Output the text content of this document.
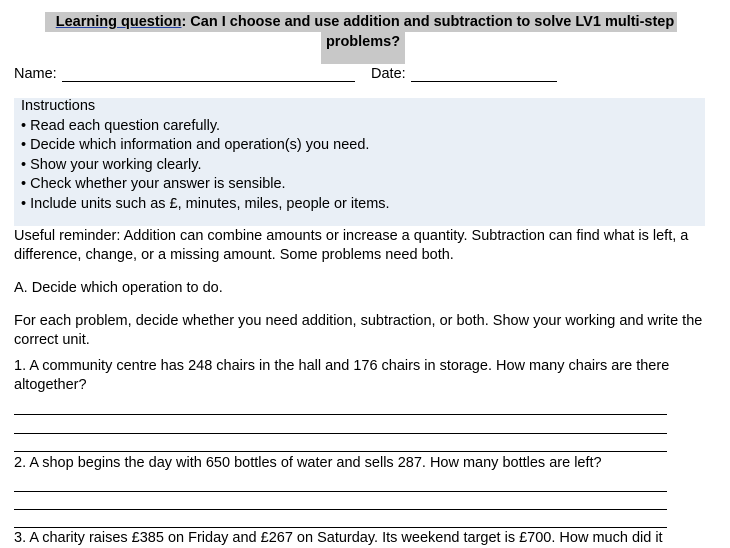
Learning question: Can I choose and use addition and subtraction to solve LV1 multi-step
problems?
Name:	Date:
Instructions
• Read each question carefully.
• Decide which information and operation(s) you need.
• Show your working clearly.
• Check whether your answer is sensible.
• Include units such as £, minutes, miles, people or items.
Useful reminder: Addition can combine amounts or increase a quantity. Subtraction can find what is left, a difference, change, or a missing amount. Some problems need both.
A. Decide which operation to do.
For each problem, decide whether you need addition, subtraction, or both. Show your working and write the correct unit.
1. A community centre has 248 chairs in the hall and 176 chairs in storage. How many chairs are there altogether?
2. A shop begins the day with 650 bottles of water and sells 287. How many bottles are left?
3. A charity raises £385 on Friday and £267 on Saturday. Its weekend target is £700. How much did it
